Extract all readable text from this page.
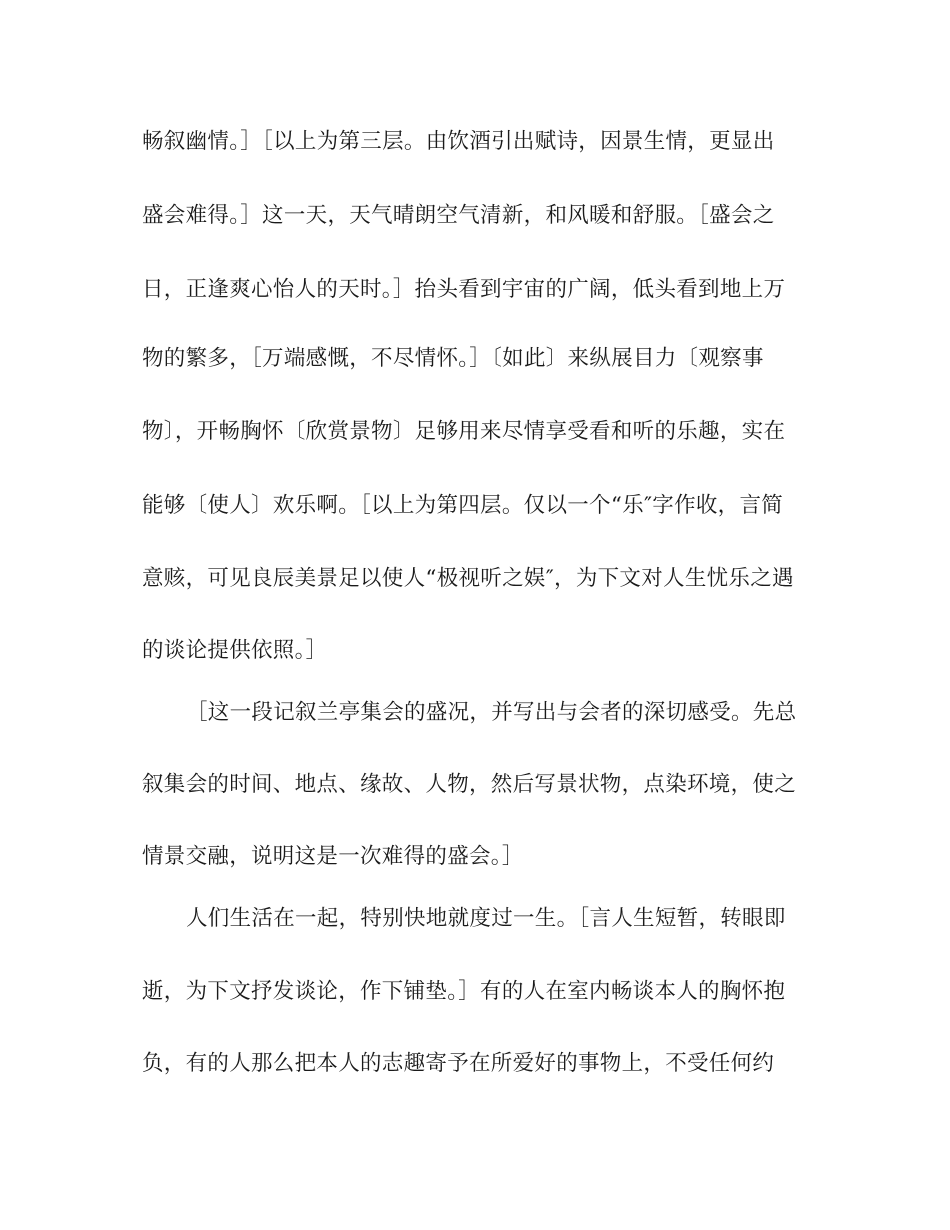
畅叙幽情。］［以上为第三层。由饮酒引出赋诗，因景生情，更显出
盛会难得。］这一天，天气晴朗空气清新，和风暖和舒服。［盛会之
日，正逢爽心怡人的天时。］抬头看到宇宙的广阔，低头看到地上万
物的繁多，［万端感慨，不尽情怀。］〔如此〕来纵展目力〔观察事
物〕，开畅胸怀〔欣赏景物〕足够用来尽情享受看和听的乐趣，实在
能够〔使人〕欢乐啊。［以上为第四层。仅以一个“乐″字作收，言简
意赅，可见良辰美景足以使人“极视听之娱″，为下文对人生忧乐之遇
的谈论提供依照。］
［这一段记叙兰亭集会的盛况，并写出与会者的深切感受。先总
叙集会的时间、地点、缘故、人物，然后写景状物，点染环境，使之
情景交融，说明这是一次难得的盛会。］
人们生活在一起，特别快地就度过一生。［言人生短暂，转眼即
逝，为下文抒发谈论，作下铺垫。］有的人在室内畅谈本人的胸怀抱
负，有的人那么把本人的志趣寄予在所爱好的事物上，不受任何约
